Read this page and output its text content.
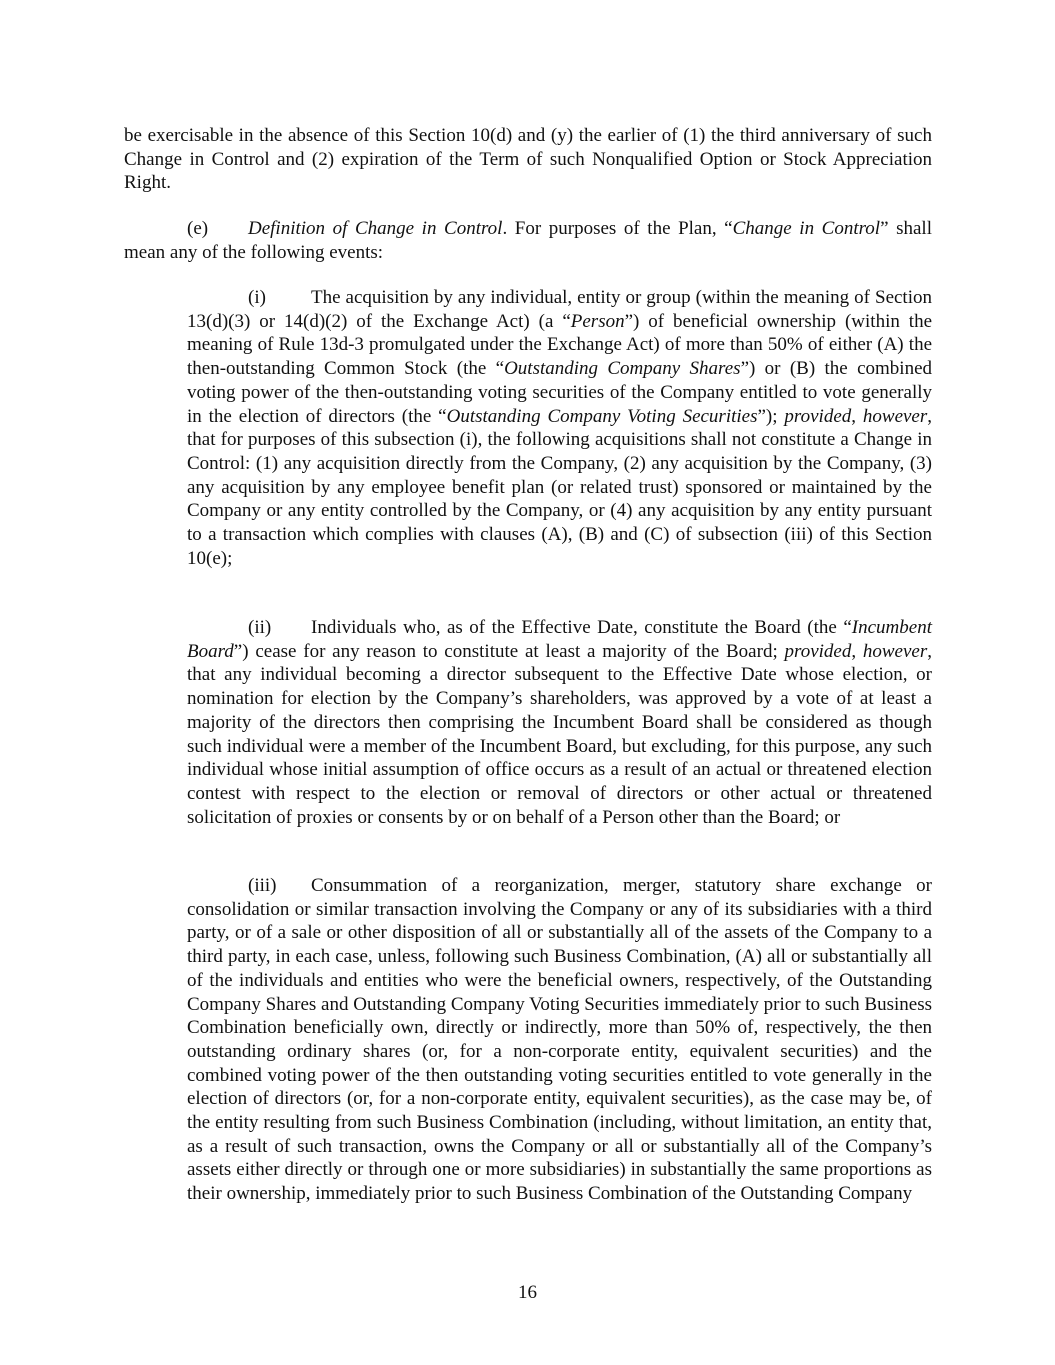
be exercisable in the absence of this Section 10(d) and (y) the earlier of (1) the third anniversary of such Change in Control and (2) expiration of the Term of such Nonqualified Option or Stock Appreciation Right.

(e) Definition of Change in Control. For purposes of the Plan, “Change in Control” shall mean any of the following events:

(i) The acquisition by any individual, entity or group (within the meaning of Section 13(d)(3) or 14(d)(2) of the Exchange Act) (a “Person”) of beneficial ownership (within the meaning of Rule 13d-3 promulgated under the Exchange Act) of more than 50% of either (A) the then-outstanding Common Stock (the “Outstanding Company Shares”) or (B) the combined voting power of the then-outstanding voting securities of the Company entitled to vote generally in the election of directors (the “Outstanding Company Voting Securities”); provided, however, that for purposes of this subsection (i), the following acquisitions shall not constitute a Change in Control: (1) any acquisition directly from the Company, (2) any acquisition by the Company, (3) any acquisition by any employee benefit plan (or related trust) sponsored or maintained by the Company or any entity controlled by the Company, or (4) any acquisition by any entity pursuant to a transaction which complies with clauses (A), (B) and (C) of subsection (iii) of this Section 10(e);

(ii) Individuals who, as of the Effective Date, constitute the Board (the “Incumbent Board”) cease for any reason to constitute at least a majority of the Board; provided, however, that any individual becoming a director subsequent to the Effective Date whose election, or nomination for election by the Company’s shareholders, was approved by a vote of at least a majority of the directors then comprising the Incumbent Board shall be considered as though such individual were a member of the Incumbent Board, but excluding, for this purpose, any such individual whose initial assumption of office occurs as a result of an actual or threatened election contest with respect to the election or removal of directors or other actual or threatened solicitation of proxies or consents by or on behalf of a Person other than the Board; or

(iii) Consummation of a reorganization, merger, statutory share exchange or consolidation or similar transaction involving the Company or any of its subsidiaries with a third party, or of a sale or other disposition of all or substantially all of the assets of the Company to a third party, in each case, unless, following such Business Combination, (A) all or substantially all of the individuals and entities who were the beneficial owners, respectively, of the Outstanding Company Shares and Outstanding Company Voting Securities immediately prior to such Business Combination beneficially own, directly or indirectly, more than 50% of, respectively, the then outstanding ordinary shares (or, for a non-corporate entity, equivalent securities) and the combined voting power of the then outstanding voting securities entitled to vote generally in the election of directors (or, for a non-corporate entity, equivalent securities), as the case may be, of the entity resulting from such Business Combination (including, without limitation, an entity that, as a result of such transaction, owns the Company or all or substantially all of the Company’s assets either directly or through one or more subsidiaries) in substantially the same proportions as their ownership, immediately prior to such Business Combination of the Outstanding Company

16
